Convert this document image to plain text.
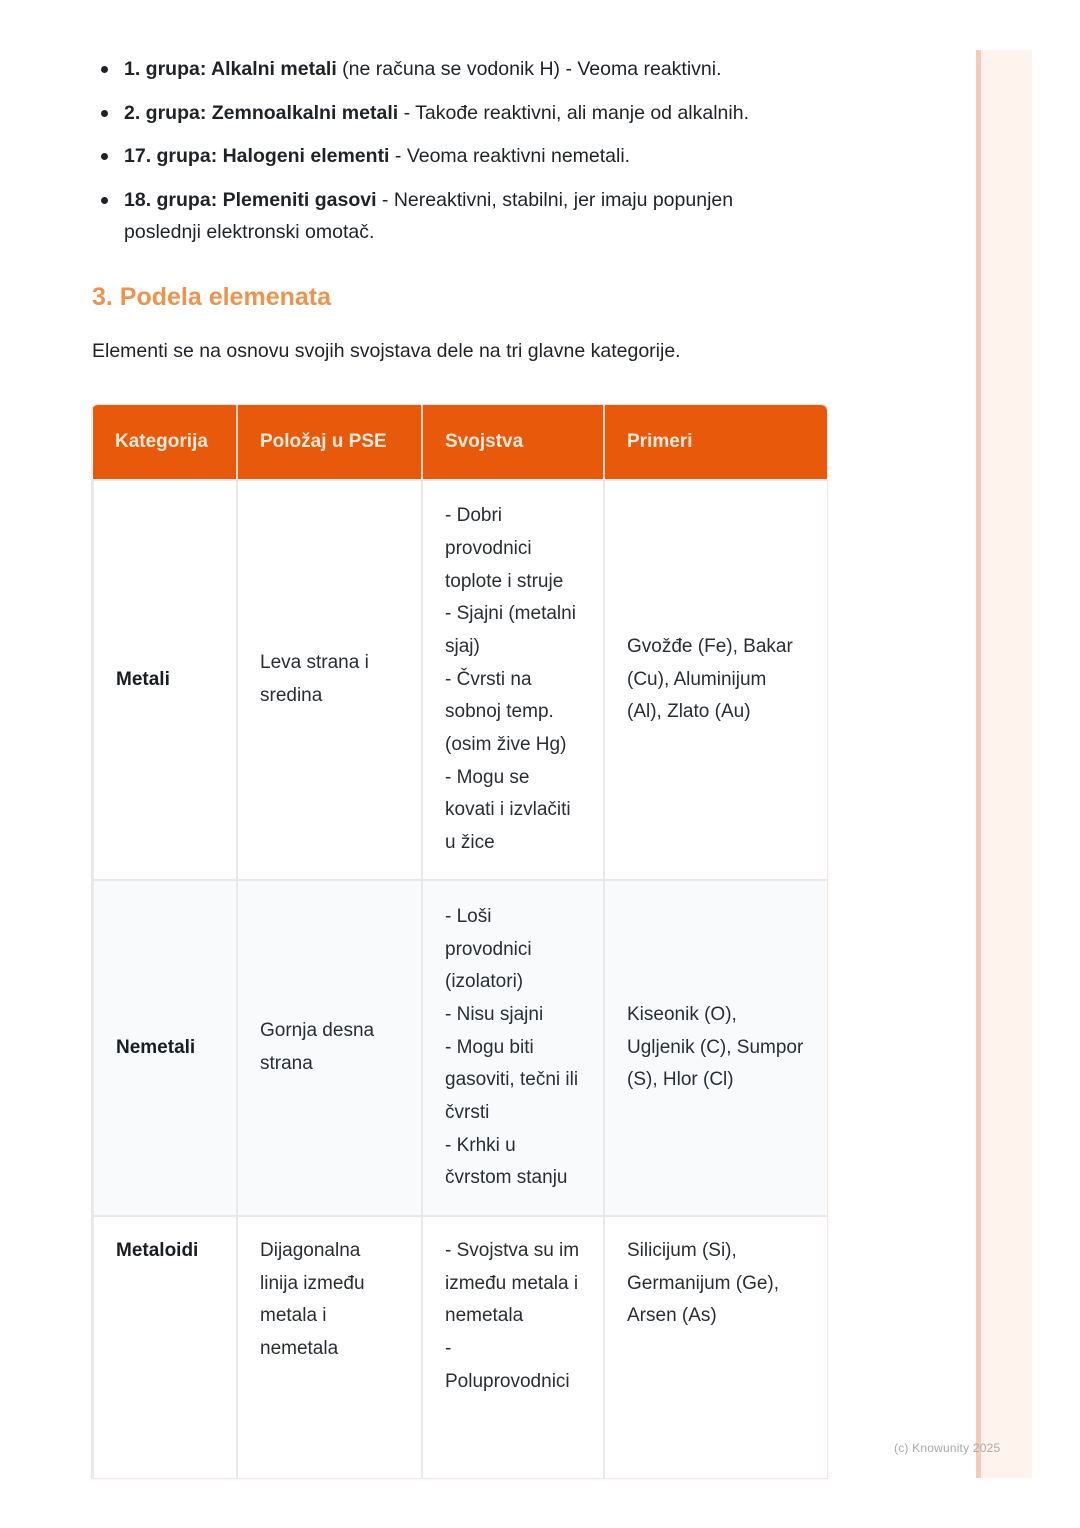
1. grupa: Alkalni metali (ne računa se vodonik H) - Veoma reaktivni.
2. grupa: Zemnoalkalni metali - Takođe reaktivni, ali manje od alkalnih.
17. grupa: Halogeni elementi - Veoma reaktivni nemetali.
18. grupa: Plemeniti gasovi - Nereaktivni, stabilni, jer imaju popunjen poslednji elektronski omotač.
3. Podela elemenata

Elementi se na osnovu svojih svojstava dele na tri glavne kategorije.

Kategorija	Položaj u PSE	Svojstva	Primeri
Metali	Leva strana i sredina	- Dobri provodnici toplote i struje
- Sjajni (metalni sjaj)
- Čvrsti na sobnoj temp. (osim žive Hg)
- Mogu se kovati i izvlačiti u žice	Gvožđe (Fe), Bakar (Cu), Aluminijum (Al), Zlato (Au)
Nemetali	Gornja desna strana	- Loši provodnici (izolatori)
- Nisu sjajni
- Mogu biti gasoviti, tečni ili čvrsti
- Krhki u čvrstom stanju	Kiseonik (O), Ugljenik (C), Sumpor (S), Hlor (Cl)
Metaloidi	Dijagonalna linija između metala i nemetala	- Svojstva su im između metala i nemetala
- Poluprovodnici	Silicijum (Si), Germanijum (Ge), Arsen (As)
(c) Knowunity 2025
